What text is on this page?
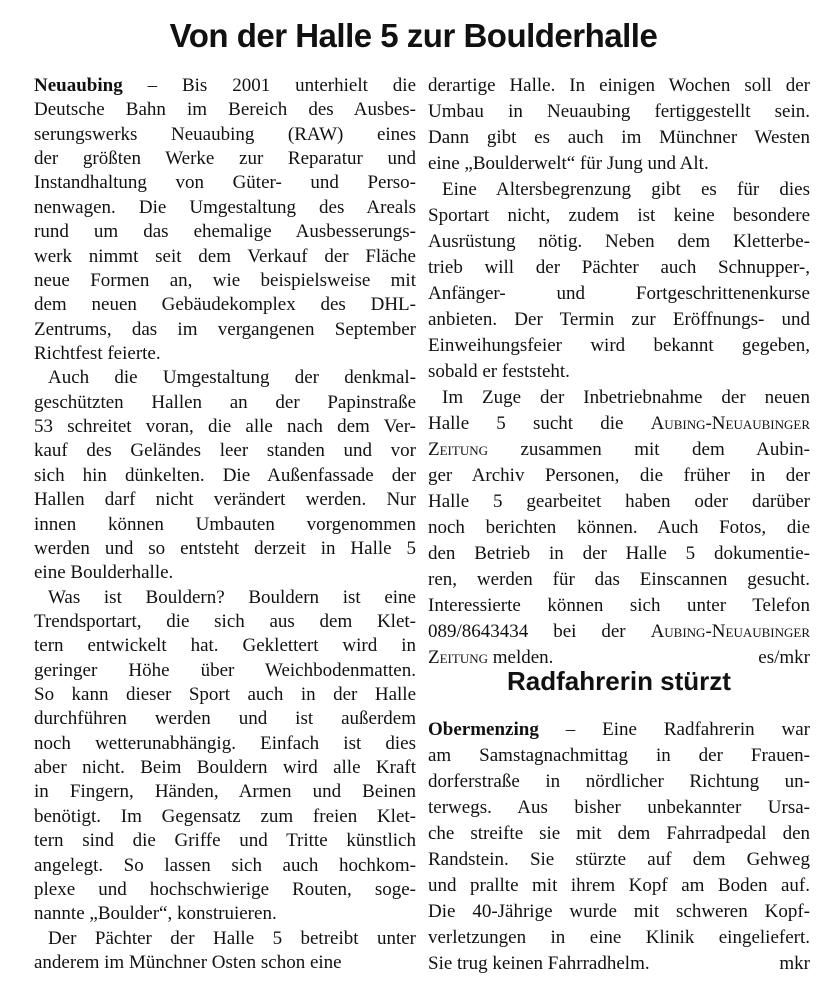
Von der Halle 5 zur Boulderhalle
Neuaubing – Bis 2001 unterhielt die
Deutsche Bahn im Bereich des Ausbes-
serungswerks Neuaubing (RAW) eines
der größten Werke zur Reparatur und
Instandhaltung von Güter- und Perso-
nenwagen. Die Umgestaltung des Areals
rund um das ehemalige Ausbesserungs-
werk nimmt seit dem Verkauf der Fläche
neue Formen an, wie beispielsweise mit
dem neuen Gebäudekomplex des DHL-
Zentrums, das im vergangenen September
Richtfest feierte.
Auch die Umgestaltung der denkmal-
geschützten Hallen an der Papinstraße
53 schreitet voran, die alle nach dem Ver-
kauf des Geländes leer standen und vor
sich hin dünkelten. Die Außenfassade der
Hallen darf nicht verändert werden. Nur
innen können Umbauten vorgenommen
werden und so entsteht derzeit in Halle 5
eine Boulderhalle.
Was ist Bouldern? Bouldern ist eine
Trendsportart, die sich aus dem Klet-
tern entwickelt hat. Geklettert wird in
geringer Höhe über Weichbodenmatten.
So kann dieser Sport auch in der Halle
durchführen werden und ist außerdem
noch wetterunabhängig. Einfach ist dies
aber nicht. Beim Bouldern wird alle Kraft
in Fingern, Händen, Armen und Beinen
benötigt. Im Gegensatz zum freien Klet-
tern sind die Griffe und Tritte künstlich
angelegt. So lassen sich auch hochkom-
plexe und hochschwierige Routen, soge-
nannte „Boulder“, konstruieren.
Der Pächter der Halle 5 betreibt unter
anderem im Münchner Osten schon eine
derartige Halle. In einigen Wochen soll der
Umbau in Neuaubing fertiggestellt sein.
Dann gibt es auch im Münchner Westen
eine „Boulderwelt“ für Jung und Alt.
Eine Altersbegrenzung gibt es für dies
Sportart nicht, zudem ist keine besondere
Ausrüstung nötig. Neben dem Kletterbe-
trieb will der Pächter auch Schnupper-,
Anfänger- und Fortgeschrittenenkurse
anbieten. Der Termin zur Eröffnungs- und
Einweihungsfeier wird bekannt gegeben,
sobald er feststeht.
Im Zuge der Inbetriebnahme der neuen
Halle 5 sucht die Aubing-Neuaubinger
Zeitung zusammen mit dem Aubin-
ger Archiv Personen, die früher in der
Halle 5 gearbeitet haben oder darüber
noch berichten können. Auch Fotos, die
den Betrieb in der Halle 5 dokumentie-
ren, werden für das Einscannen gesucht.
Interessierte können sich unter Telefon
089/8643434 bei der Aubing-Neuaubinger
Zeitung melden.	es/mkr
Radfahrerin stürzt
Obermenzing – Eine Radfahrerin war
am Samstagnachmittag in der Frauen-
dorferstraße in nördlicher Richtung un-
terwegs. Aus bisher unbekannter Ursa-
che streifte sie mit dem Fahrradpedal den
Randstein. Sie stürzte auf dem Gehweg
und prallte mit ihrem Kopf am Boden auf.
Die 40-Jährige wurde mit schweren Kopf-
verletzungen in eine Klinik eingeliefert.
Sie trug keinen Fahrradhelm.	mkr
